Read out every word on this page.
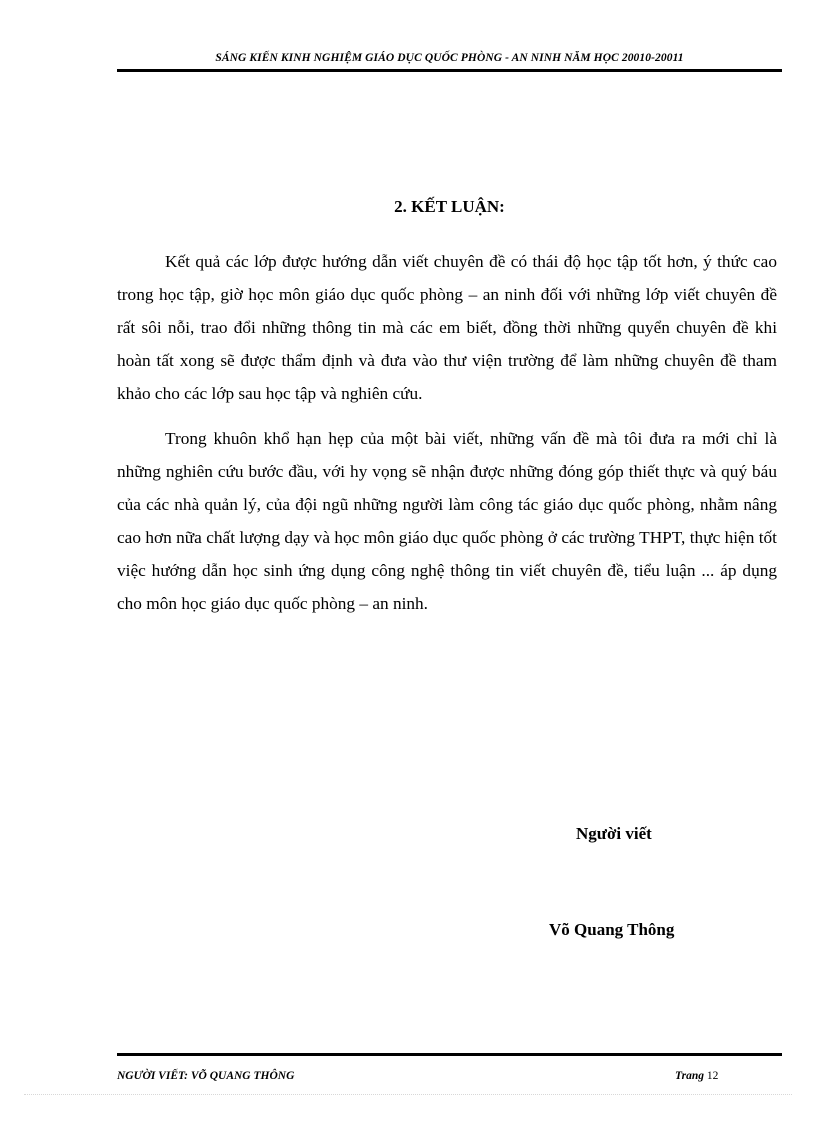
SÁNG KIẾN KINH NGHIỆM GIÁO DỤC QUỐC PHÒNG - AN NINH NĂM HỌC 20010-20011
2. KẾT LUẬN:

Kết quả các lớp được hướng dẫn viết chuyên đề có thái độ học tập tốt hơn, ý thức cao trong học tập, giờ học môn giáo dục quốc phòng – an ninh đối với những lớp viết chuyên đề rất sôi nỗi, trao đổi những thông tin mà các em biết, đồng thời những quyển chuyên đề khi hoàn tất xong sẽ được thẩm định và đưa vào thư viện trường để làm những chuyên đề tham khảo cho các lớp sau học tập và nghiên cứu.

Trong khuôn khổ hạn hẹp của một bài viết, những vấn đề mà tôi đưa ra mới chỉ là những nghiên cứu bước đầu, với hy vọng sẽ nhận được những đóng góp thiết thực và quý báu của các nhà quản lý, của đội ngũ những người làm công tác giáo dục quốc phòng, nhằm nâng cao hơn nữa chất lượng dạy và học môn giáo dục quốc phòng ở các trường THPT, thực hiện tốt việc hướng dẫn học sinh ứng dụng công nghệ thông tin viết chuyên đề, tiểu luận ... áp dụng cho môn học giáo dục quốc phòng – an ninh.

Người viết
Võ Quang Thông
NGƯỜI VIẾT: VÕ QUANG THÔNG	Trang 12
